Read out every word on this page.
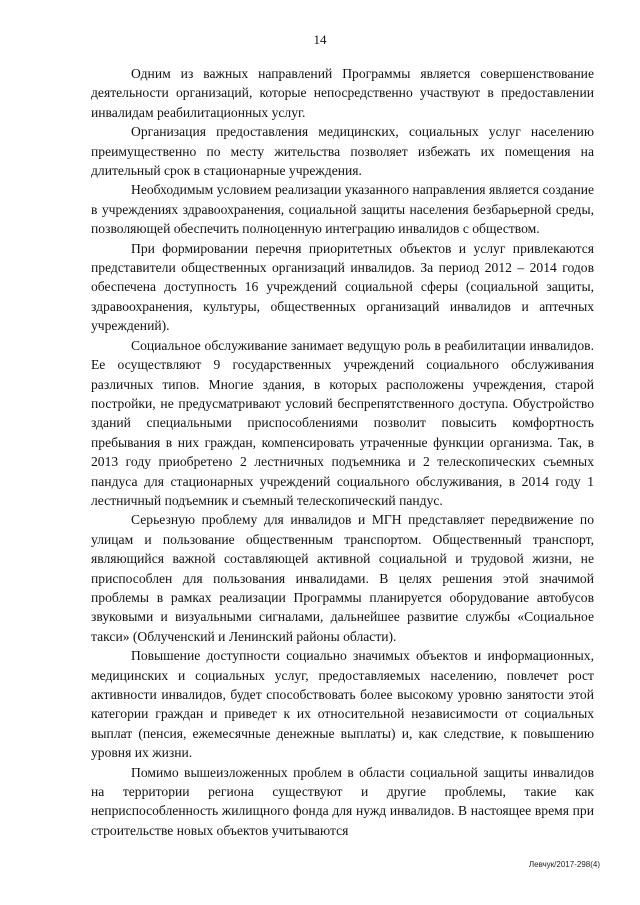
14

Одним из важных направлений Программы является совершенствование деятельности организаций, которые непосредственно участвуют в предоставлении инвалидам реабилитационных услуг.

Организация предоставления медицинских, социальных услуг населению преимущественно по месту жительства позволяет избежать их помещения на длительный срок в стационарные учреждения.

Необходимым условием реализации указанного направления является создание в учреждениях здравоохранения, социальной защиты населения безбарьерной среды, позволяющей обеспечить полноценную интеграцию инвалидов с обществом.

При формировании перечня приоритетных объектов и услуг привлекаются представители общественных организаций инвалидов. За период 2012 – 2014 годов обеспечена доступность 16 учреждений социальной сферы (социальной защиты, здравоохранения, культуры, общественных организаций инвалидов и аптечных учреждений).

Социальное обслуживание занимает ведущую роль в реабилитации инвалидов. Ее осуществляют 9 государственных учреждений социального обслуживания различных типов. Многие здания, в которых расположены учреждения, старой постройки, не предусматривают условий беспрепятственного доступа. Обустройство зданий специальными приспособлениями позволит повысить комфортность пребывания в них граждан, компенсировать утраченные функции организма. Так, в 2013 году приобретено 2 лестничных подъемника и 2 телескопических съемных пандуса для стационарных учреждений социального обслуживания, в 2014 году 1 лестничный подъемник и съемный телескопический пандус.

Серьезную проблему для инвалидов и МГН представляет передвижение по улицам и пользование общественным транспортом. Общественный транспорт, являющийся важной составляющей активной социальной и трудовой жизни, не приспособлен для пользования инвалидами. В целях решения этой значимой проблемы в рамках реализации Программы планируется оборудование автобусов звуковыми и визуальными сигналами, дальнейшее развитие службы «Социальное такси» (Облученский и Ленинский районы области).

Повышение доступности социально значимых объектов и информационных, медицинских и социальных услуг, предоставляемых населению, повлечет рост активности инвалидов, будет способствовать более высокому уровню занятости этой категории граждан и приведет к их относительной независимости от социальных выплат (пенсия, ежемесячные денежные выплаты) и, как следствие, к повышению уровня их жизни.

Помимо вышеизложенных проблем в области социальной защиты инвалидов на территории региона существуют и другие проблемы, такие как неприспособленность жилищного фонда для нужд инвалидов. В настоящее время при строительстве новых объектов учитываются

Левчук/2017-298(4)
